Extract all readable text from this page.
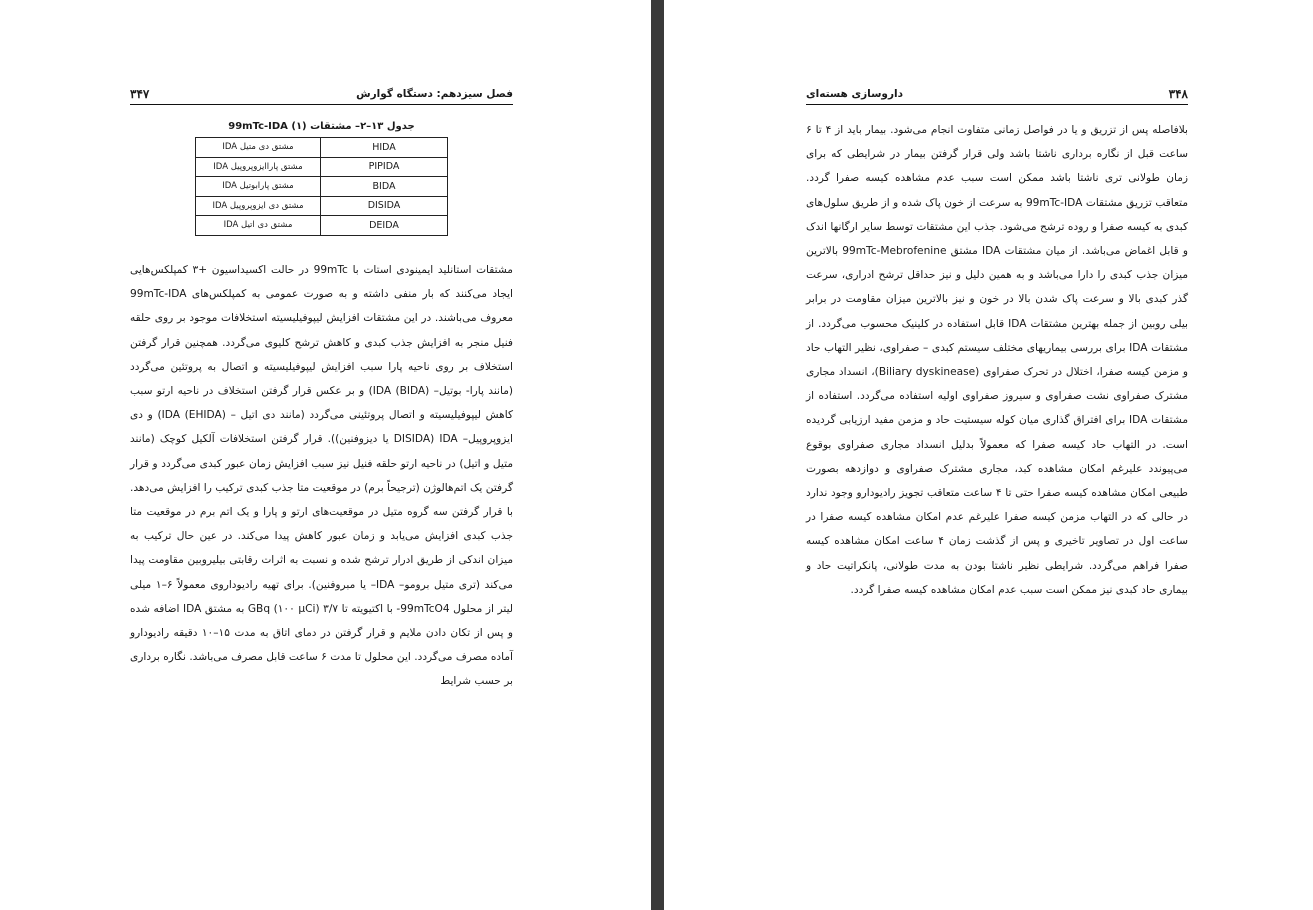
فصل سیزدهم: دستگاه گوارش
۳۴۷
جدول ۱۳–۲– مشتقات 99mTc-IDA (۱)
HIDA	مشتق دی متیل IDA
PIPIDA	مشتق پاراایزوپروپیل IDA
BIDA	مشتق پارابوتیل IDA
DISIDA	مشتق دی ایزوپروپیل IDA
DEIDA	مشتق دی اتیل IDA

مشتقات استانلید ایمینودی استات با 99mTc در حالت اکسیداسیون +۳ کمپلکس‌هایی ایجاد می‌کنند که بار منفی داشته و به صورت عمومی به کمپلکس‌های 99mTc-IDA معروف می‌باشند. در این مشتقات افزایش لیپوفیلیسیته استخلافات موجود بر روی حلقه فنیل منجر به افزایش جذب کبدی و کاهش ترشح کلیوی می‌گردد. همچنین قرار گرفتن استخلاف بر روی ناحیه پارا سبب افزایش لیپوفیلیسیته و اتصال به پروتئین می‌گردد (مانند پارا- بوتیل– IDA (BIDA)) و بر عکس قرار گرفتن استخلاف در ناحیه ارتو سبب کاهش لیپوفیلیسیته و اتصال پروتئینی می‌گردد (مانند دی اتیل – IDA (EHIDA)) و دی ایزوپروپیل– IDA (DISIDA یا دیزوفنین)). قرار گرفتن استخلافات آلکیل کوچک (مانند متیل و اتیل) در ناحیه ارتو حلقه فنیل نیز سبب افزایش زمان عبور کبدی می‌گردد و قرار گرفتن یک اتم‌هالوژن (ترجیحاً برم) در موقعیت متا جذب کبدی ترکیب را افزایش می‌دهد. با قرار گرفتن سه گروه متیل در موقعیت‌های ارتو و پارا و یک اتم برم در موقعیت متا جذب کبدی افزایش می‌یابد و زمان عبور کاهش پیدا می‌کند. در عین حال ترکیب به میزان اندکی از طریق ادرار ترشح شده و نسبت به اثرات رقابتی بیلیروبین مقاومت پیدا می‌کند (تری متیل برومو– IDA– یا مبروفنین). برای تهیه رادیوداروی معمولاً ۶–۱ میلی لیتر از محلول 99mTcO4- با اکتیویته تا ۳/۷ GBq (۱۰۰ µCi) به مشتق IDA اضافه شده و پس از تکان دادن ملایم و قرار گرفتن در دمای اتاق به مدت ۱۵–۱۰ دقیقه رادیودارو آماده مصرف می‌گردد. این محلول تا مدت ۶ ساعت قابل مصرف می‌باشد. نگاره برداری بر حسب شرایط

۳۴۸
داروسازی هسته‌ای

بلافاصله پس از تزریق و یا در فواصل زمانی متفاوت انجام می‌شود. بیمار باید از ۴ تا ۶ ساعت قبل از نگاره برداری ناشتا باشد ولی قرار گرفتن بیمار در شرایطی که برای زمان طولانی تری ناشتا باشد ممکن است سبب عدم مشاهده کیسه صفرا گردد. متعاقب تزریق مشتقات 99mTc-IDA به سرعت از خون پاک شده و از طریق سلول‌های کبدی به کیسه صفرا و روده ترشح می‌شود. جذب این مشتقات توسط سایر ارگانها اندک و قابل اغماض می‌باشد. از میان مشتقات IDA مشتق 99mTc-Mebrofenine بالاترین میزان جذب کبدی را دارا می‌باشد و به همین دلیل و نیز حداقل ترشح ادراری، سرعت گذر کبدی بالا و سرعت پاک شدن بالا در خون و نیز بالاترین میزان مقاومت در برابر بیلی روبین از جمله بهترین مشتقات IDA قابل استفاده در کلینیک محسوب می‌گردد. از مشتقات IDA برای بررسی بیماریهای مختلف سیستم کبدی – صفراوی، نظیر التهاب حاد و مزمن کیسه صفرا، اختلال در تحرک صفراوی (Biliary dyskinease)، انسداد مجاری مشترک صفراوی نشت صفراوی و سیروز صفراوی اولیه استفاده می‌گردد. استفاده از مشتقات IDA برای افتراق گذاری میان کوله سیستیت حاد و مزمن مفید ارزیابی گردیده است. در التهاب حاد کیسه صفرا که معمولاً بدلیل انسداد مجاری صفراوی بوقوع می‌پیوندد علیرغم امکان مشاهده کبد، مجاری مشترک صفراوی و دوازدهه بصورت طبیعی امکان مشاهده کیسه صفرا حتی تا ۴ ساعت متعاقب تجویز رادیودارو وجود ندارد در حالی که در التهاب مزمن کیسه صفرا علیرغم عدم امکان مشاهده کیسه صفرا در ساعت اول در تصاویر تاخیری و پس از گذشت زمان ۴ ساعت امکان مشاهده کیسه صفرا فراهم می‌گردد. شرایطی نظیر ناشتا بودن به مدت طولانی، پانکراتیت حاد و بیماری حاد کبدی نیز ممکن است سبب عدم امکان مشاهده کیسه صفرا گردد.
